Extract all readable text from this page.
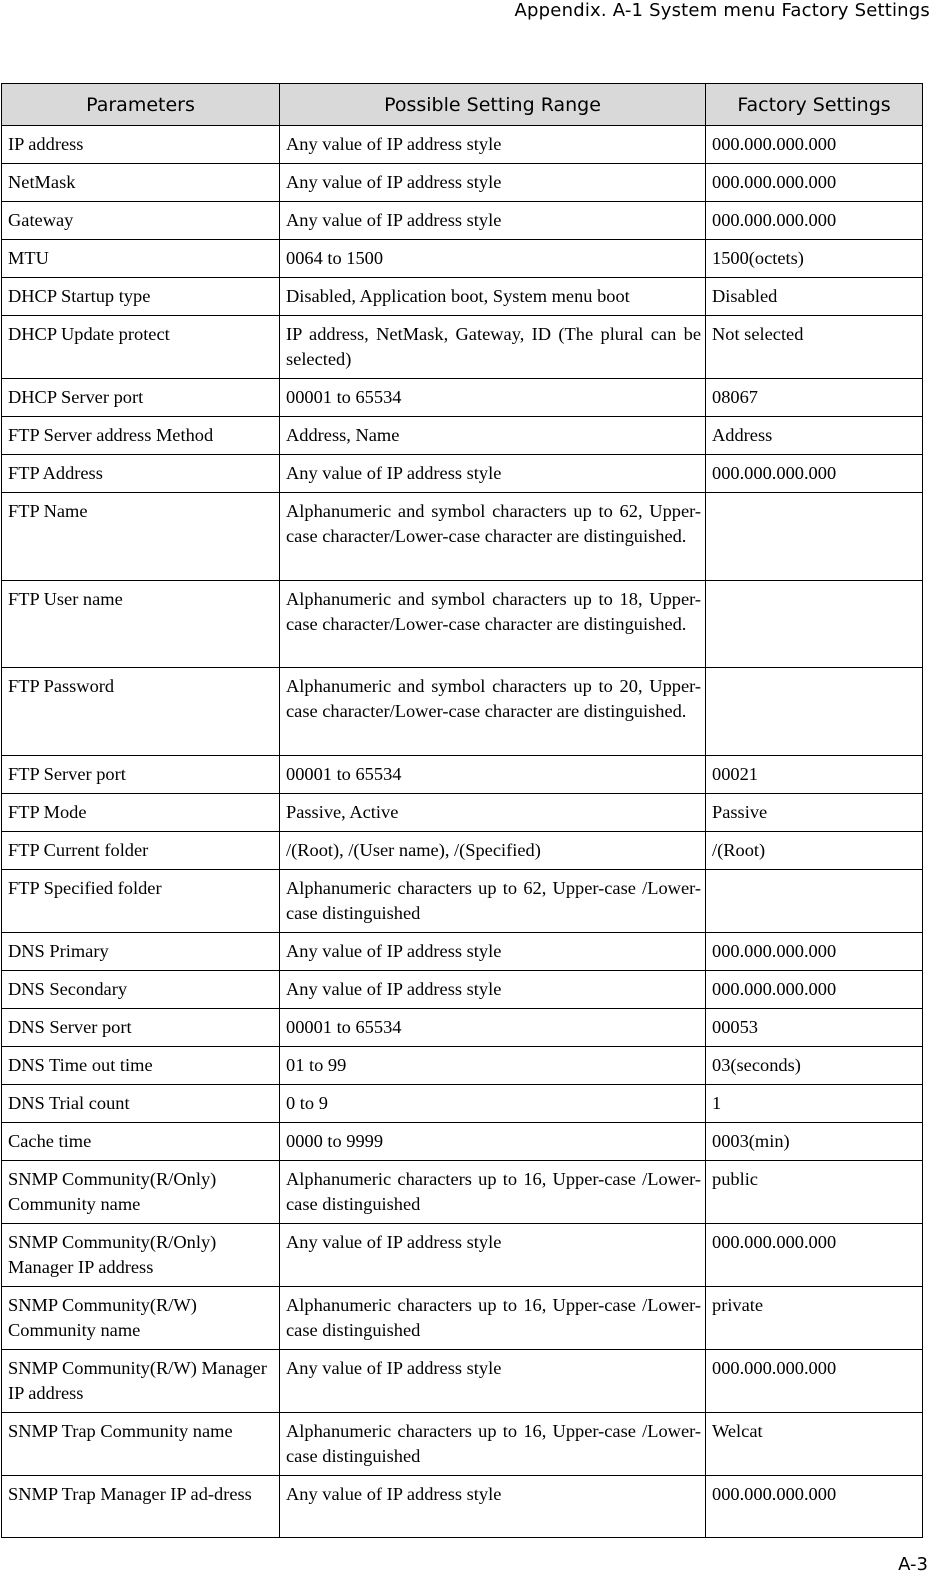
Appendix. A-1 System menu Factory Settings
Parameters	Possible Setting Range	Factory Settings
IP address	Any value of IP address style	000.000.000.000
NetMask	Any value of IP address style	000.000.000.000
Gateway	Any value of IP address style	000.000.000.000
MTU	0064 to 1500	1500(octets)
DHCP Startup type	Disabled, Application boot, System menu boot	Disabled
DHCP Update protect	IP address, NetMask, Gateway, ID (The plural can be selected)	Not selected
DHCP Server port	00001 to 65534	08067
FTP Server address Method	Address, Name	Address
FTP Address	Any value of IP address style	000.000.000.000
FTP Name	Alphanumeric and symbol characters up to 62, Upper-case character/Lower-case character are distinguished.	
FTP User name	Alphanumeric and symbol characters up to 18, Upper-case character/Lower-case character are distinguished.	
FTP Password	Alphanumeric and symbol characters up to 20, Upper-case character/Lower-case character are distinguished.	
FTP Server port	00001 to 65534	00021
FTP Mode	Passive, Active	Passive
FTP Current folder	/(Root), /(User name), /(Specified)	/(Root)
FTP Specified folder	Alphanumeric characters up to 62, Upper-case /Lower-case distinguished	
DNS Primary	Any value of IP address style	000.000.000.000
DNS Secondary	Any value of IP address style	000.000.000.000
DNS Server port	00001 to 65534	00053
DNS Time out time	01 to 99	03(seconds)
DNS Trial count	0 to 9	1
Cache time	0000 to 9999	0003(min)
SNMP Community(R/Only) Community name	Alphanumeric characters up to 16, Upper-case /Lower-case distinguished	public
SNMP Community(R/Only) Manager IP address	Any value of IP address style	000.000.000.000
SNMP Community(R/W) Community name	Alphanumeric characters up to 16, Upper-case /Lower-case distinguished	private
SNMP Community(R/W) Manager IP address	Any value of IP address style	000.000.000.000
SNMP Trap Community name	Alphanumeric characters up to 16, Upper-case /Lower-case distinguished	Welcat
SNMP Trap Manager IP ad-dress	Any value of IP address style	000.000.000.000
A-3
